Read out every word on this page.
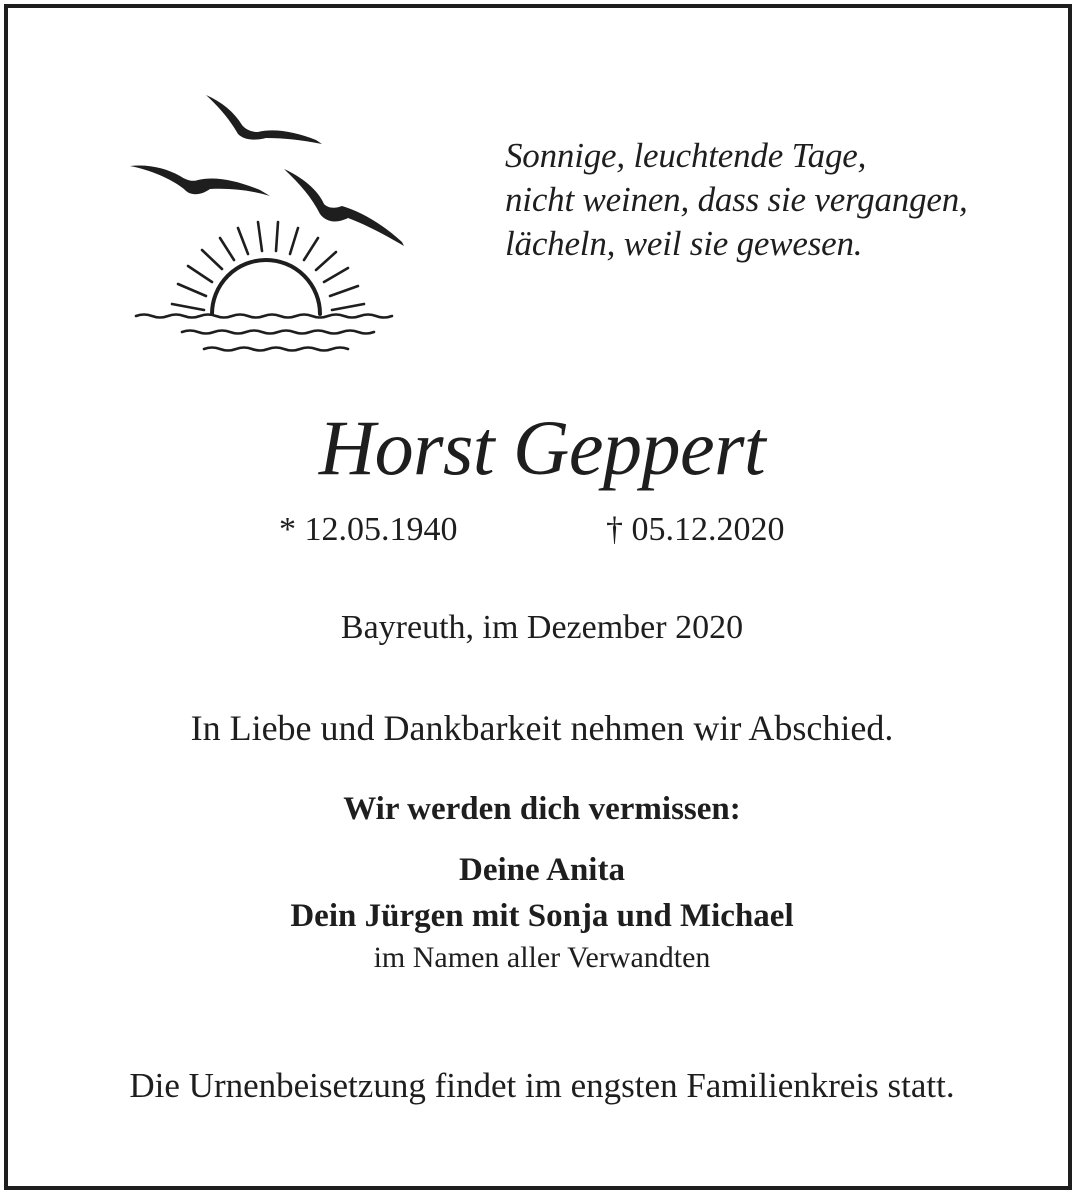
Sonnige, leuchtende Tage,
nicht weinen, dass sie vergangen,
lächeln, weil sie gewesen.
Horst Geppert
* 12.05.1940	† 05.12.2020
Bayreuth, im Dezember 2020
In Liebe und Dankbarkeit nehmen wir Abschied.
Wir werden dich vermissen:
Deine Anita
Dein Jürgen mit Sonja und Michael
im Namen aller Verwandten
Die Urnenbeisetzung findet im engsten Familienkreis statt.
